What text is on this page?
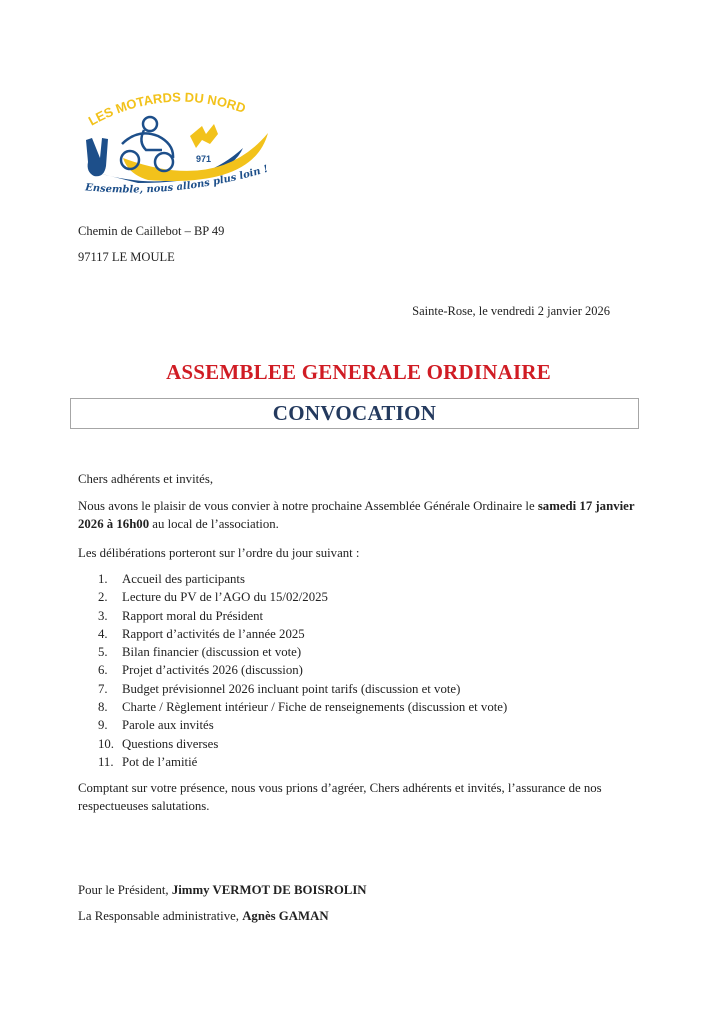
971
LES MOTARDS DU NORD
Ensemble, nous allons plus loin !
Chemin de Caillebot – BP 49
97117 LE MOULE
Sainte-Rose, le vendredi 2 janvier 2026
ASSEMBLEE GENERALE ORDINAIRE
CONVOCATION
Chers adhérents et invités,
Nous avons le plaisir de vous convier à notre prochaine Assemblée Générale Ordinaire le samedi 17 janvier 2026 à 16h00 au local de l’association.
Les délibérations porteront sur l’ordre du jour suivant :
1.	Accueil des participants
2.	Lecture du PV de l’AGO du 15/02/2025
3.	Rapport moral du Président
4.	Rapport d’activités de l’année 2025
5.	Bilan financier (discussion et vote)
6.	Projet d’activités 2026 (discussion)
7.	Budget prévisionnel 2026 incluant point tarifs (discussion et vote)
8.	Charte / Règlement intérieur / Fiche de renseignements (discussion et vote)
9.	Parole aux invités
10. Questions diverses
11. Pot de l’amitié
Comptant sur votre présence, nous vous prions d’agréer, Chers adhérents et invités, l’assurance de nos respectueuses salutations.
Pour le Président, Jimmy VERMOT DE BOISROLIN
La Responsable administrative, Agnès GAMAN
